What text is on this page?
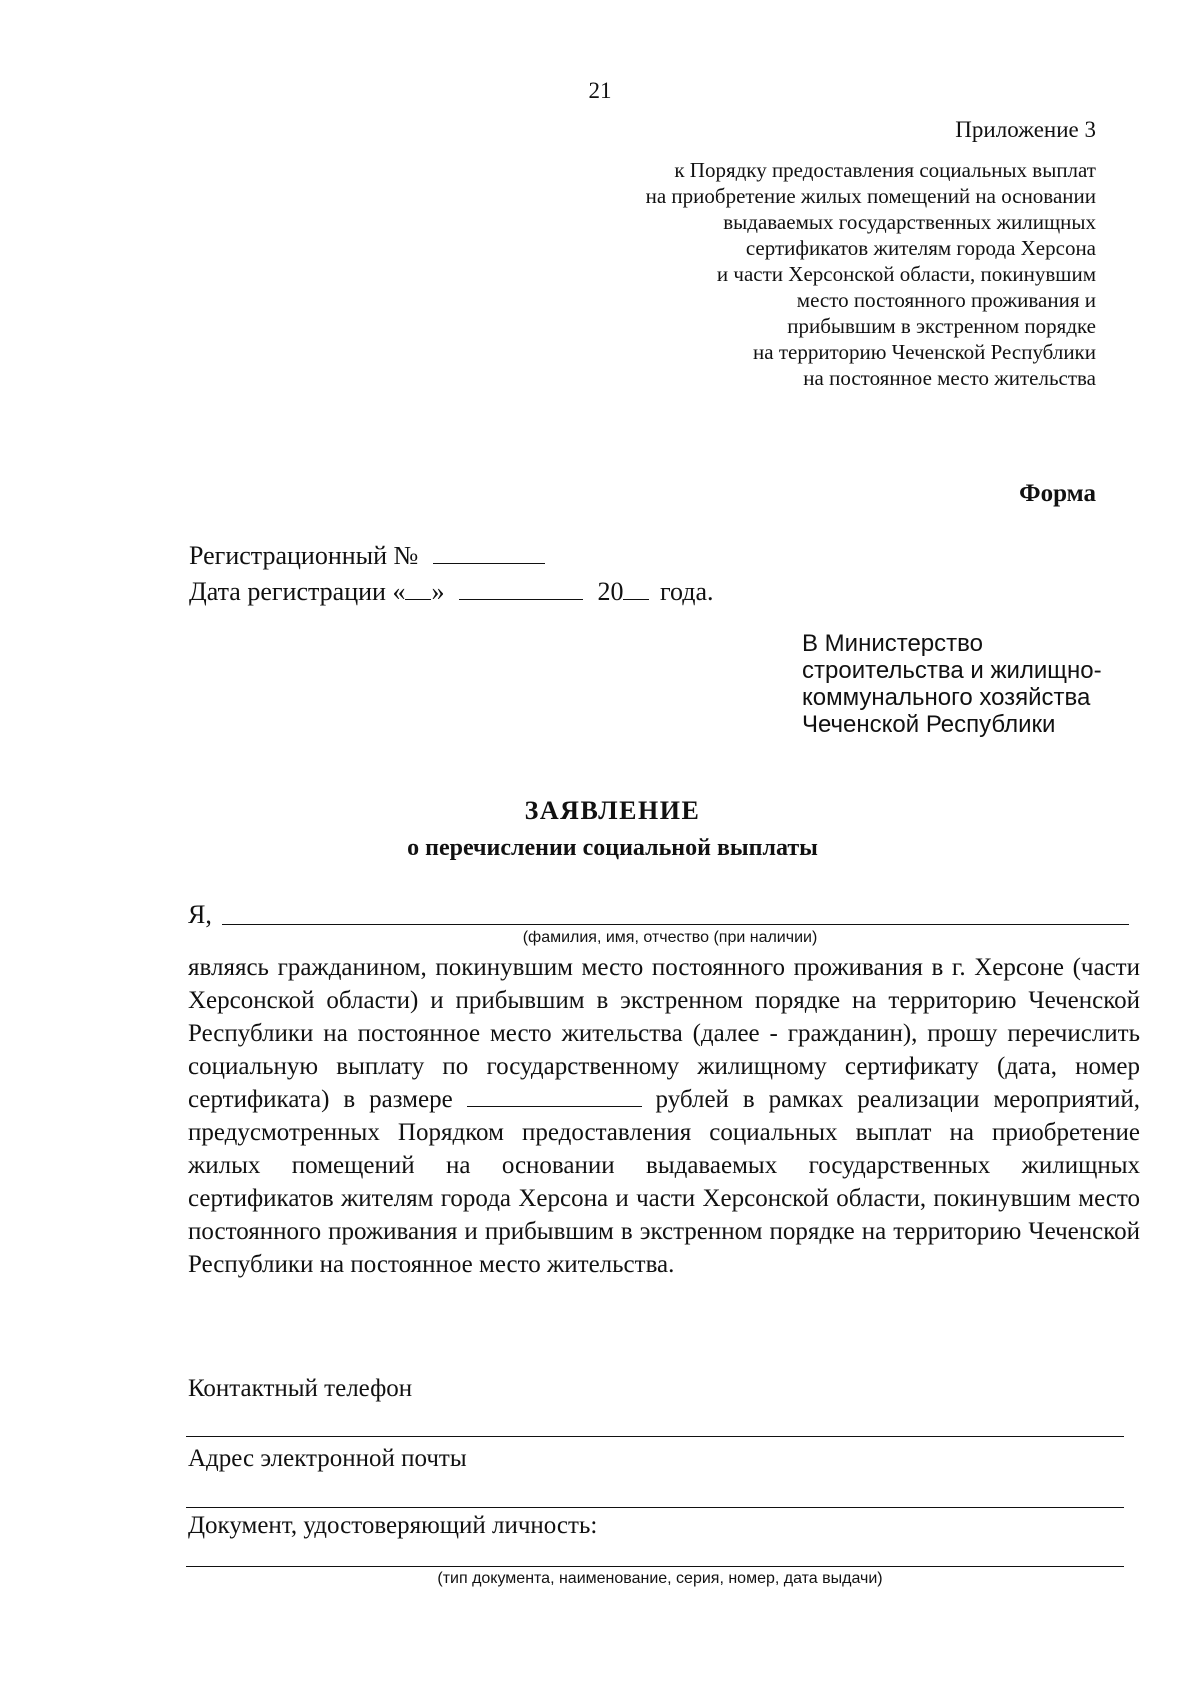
21
Приложение 3
к Порядку предоставления социальных выплат
на приобретение жилых помещений на основании
выдаваемых государственных жилищных
сертификатов жителям города Херсона
и части Херсонской области, покинувшим
место постоянного проживания и
прибывшим в экстренном порядке
на территорию Чеченской Республики
на постоянное место жительства
Форма
Регистрационный №
Дата регистрации « »	20 года.
В Министерство
строительства и жилищно-
коммунального хозяйства
Чеченской Республики
ЗАЯВЛЕНИЕ
о перечислении социальной выплаты
Я,
(фамилия, имя, отчество (при наличии)
являясь гражданином, покинувшим место постоянного проживания в г. Херсоне (части Херсонской области) и прибывшим в экстренном порядке на территорию Чеченской Республики на постоянное место жительства (далее - гражданин), прошу перечислить социальную выплату по государственному жилищному сертификату (дата, номер сертификата) в размере	рублей в рамках реализации мероприятий, предусмотренных Порядком предоставления социальных выплат на приобретение жилых помещений на основании выдаваемых государственных жилищных сертификатов жителям города Херсона и части Херсонской области, покинувшим место постоянного проживания и прибывшим в экстренном порядке на территорию Чеченской Республики на постоянное место жительства.
Контактный телефон
Адрес электронной почты
Документ, удостоверяющий личность:
(тип документа, наименование, серия, номер, дата выдачи)
